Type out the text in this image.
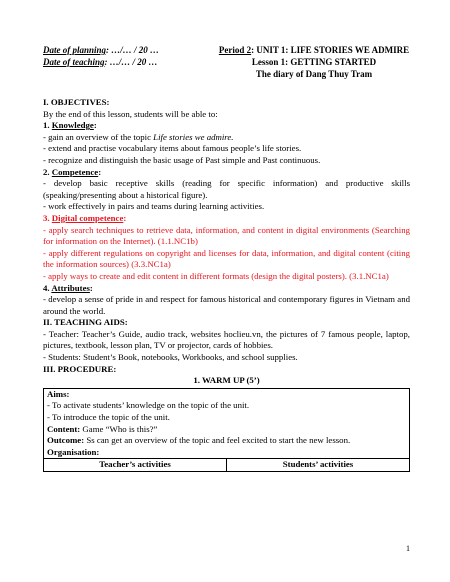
Date of planning: …/… / 20 …
Date of teaching: …/… / 20 …
Period 2: UNIT 1: LIFE STORIES WE ADMIRE
Lesson 1: GETTING STARTED
The diary of Dang Thuy Tram

I. OBJECTIVES:

By the end of this lesson, students will be able to:

1. Knowledge:

- gain an overview of the topic Life stories we admire.

- extend and practise vocabulary items about famous people’s life stories.

- recognize and distinguish the basic usage of Past simple and Past continuous.

2. Competence:

- develop basic receptive skills (reading for specific information) and productive skills (speaking/presenting about a historical figure).

- work effectively in pairs and teams during learning activities.

3. Digital competence:

- apply search techniques to retrieve data, information, and content in digital environments (Searching for information on the Internet). (1.1.NC1b)

- apply different regulations on copyright and licenses for data, information, and digital content (citing the information sources) (3.3.NC1a)

- apply ways to create and edit content in different formats (design the digital posters). (3.1.NC1a)

4. Attributes:

- develop a sense of pride in and respect for famous historical and contemporary figures in Vietnam and around the world.

II. TEACHING AIDS:

- Teacher: Teacher’s Guide, audio track, websites hoclieu.vn, the pictures of 7 famous people, laptop, pictures, textbook, lesson plan, TV or projector, cards of hobbies.

- Students: Student’s Book, notebooks, Workbooks, and school supplies.

III. PROCEDURE:

1. WARM UP (5’)

Aims:
- To activate students’ knowledge on the topic of the unit.
- To introduce the topic of the unit.
Content: Game “Who is this?”
Outcome: Ss can get an overview of the topic and feel excited to start the new lesson.
Organisation:

Teacher’s activities	Students’ activities
1
